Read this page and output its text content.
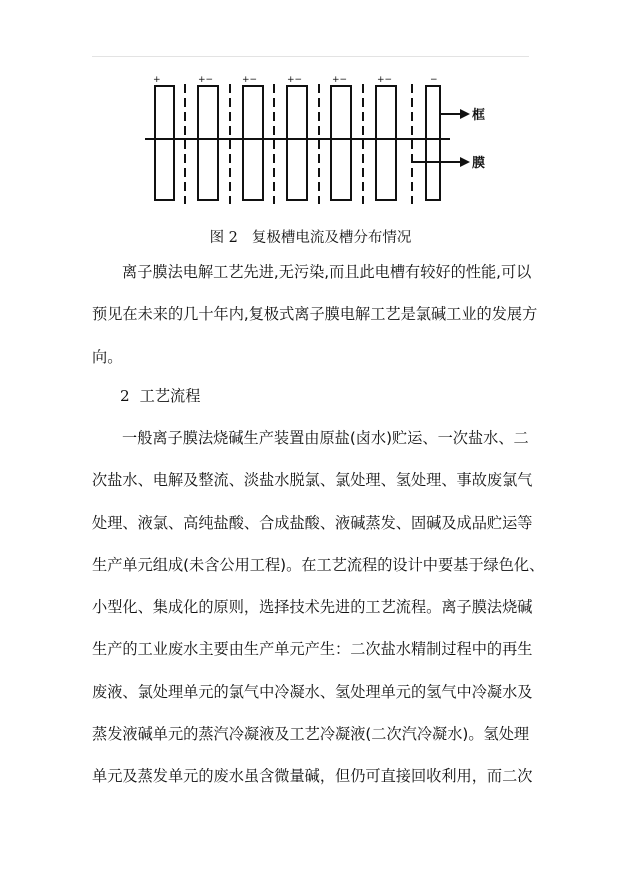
框
膜
+	+−	+−	+−	+−	+−	−
图 2 复极槽电流及槽分布情况

离子膜法电解工艺先进,无污染,而且此电槽有较好的性能,可以
预见在未来的几十年内,复极式离子膜电解工艺是氯碱工业的发展方
向。

2 工艺流程

一般离子膜法烧碱生产装置由原盐(卤水)贮运、一次盐水、二
次盐水、电解及整流、淡盐水脱氯、氯处理、氢处理、事故废氯气
处理、液氯、高纯盐酸、合成盐酸、液碱蒸发、固碱及成品贮运等
生产单元组成(未含公用工程)。在工艺流程的设计中要基于绿色化、
小型化、集成化的原则，选择技术先进的工艺流程。离子膜法烧碱
生产的工业废水主要由生产单元产生：二次盐水精制过程中的再生
废液、氯处理单元的氯气中冷凝水、氢处理单元的氢气中冷凝水及
蒸发液碱单元的蒸汽冷凝液及工艺冷凝液(二次汽冷凝水)。氢处理
单元及蒸发单元的废水虽含微量碱，但仍可直接回收利用，而二次
